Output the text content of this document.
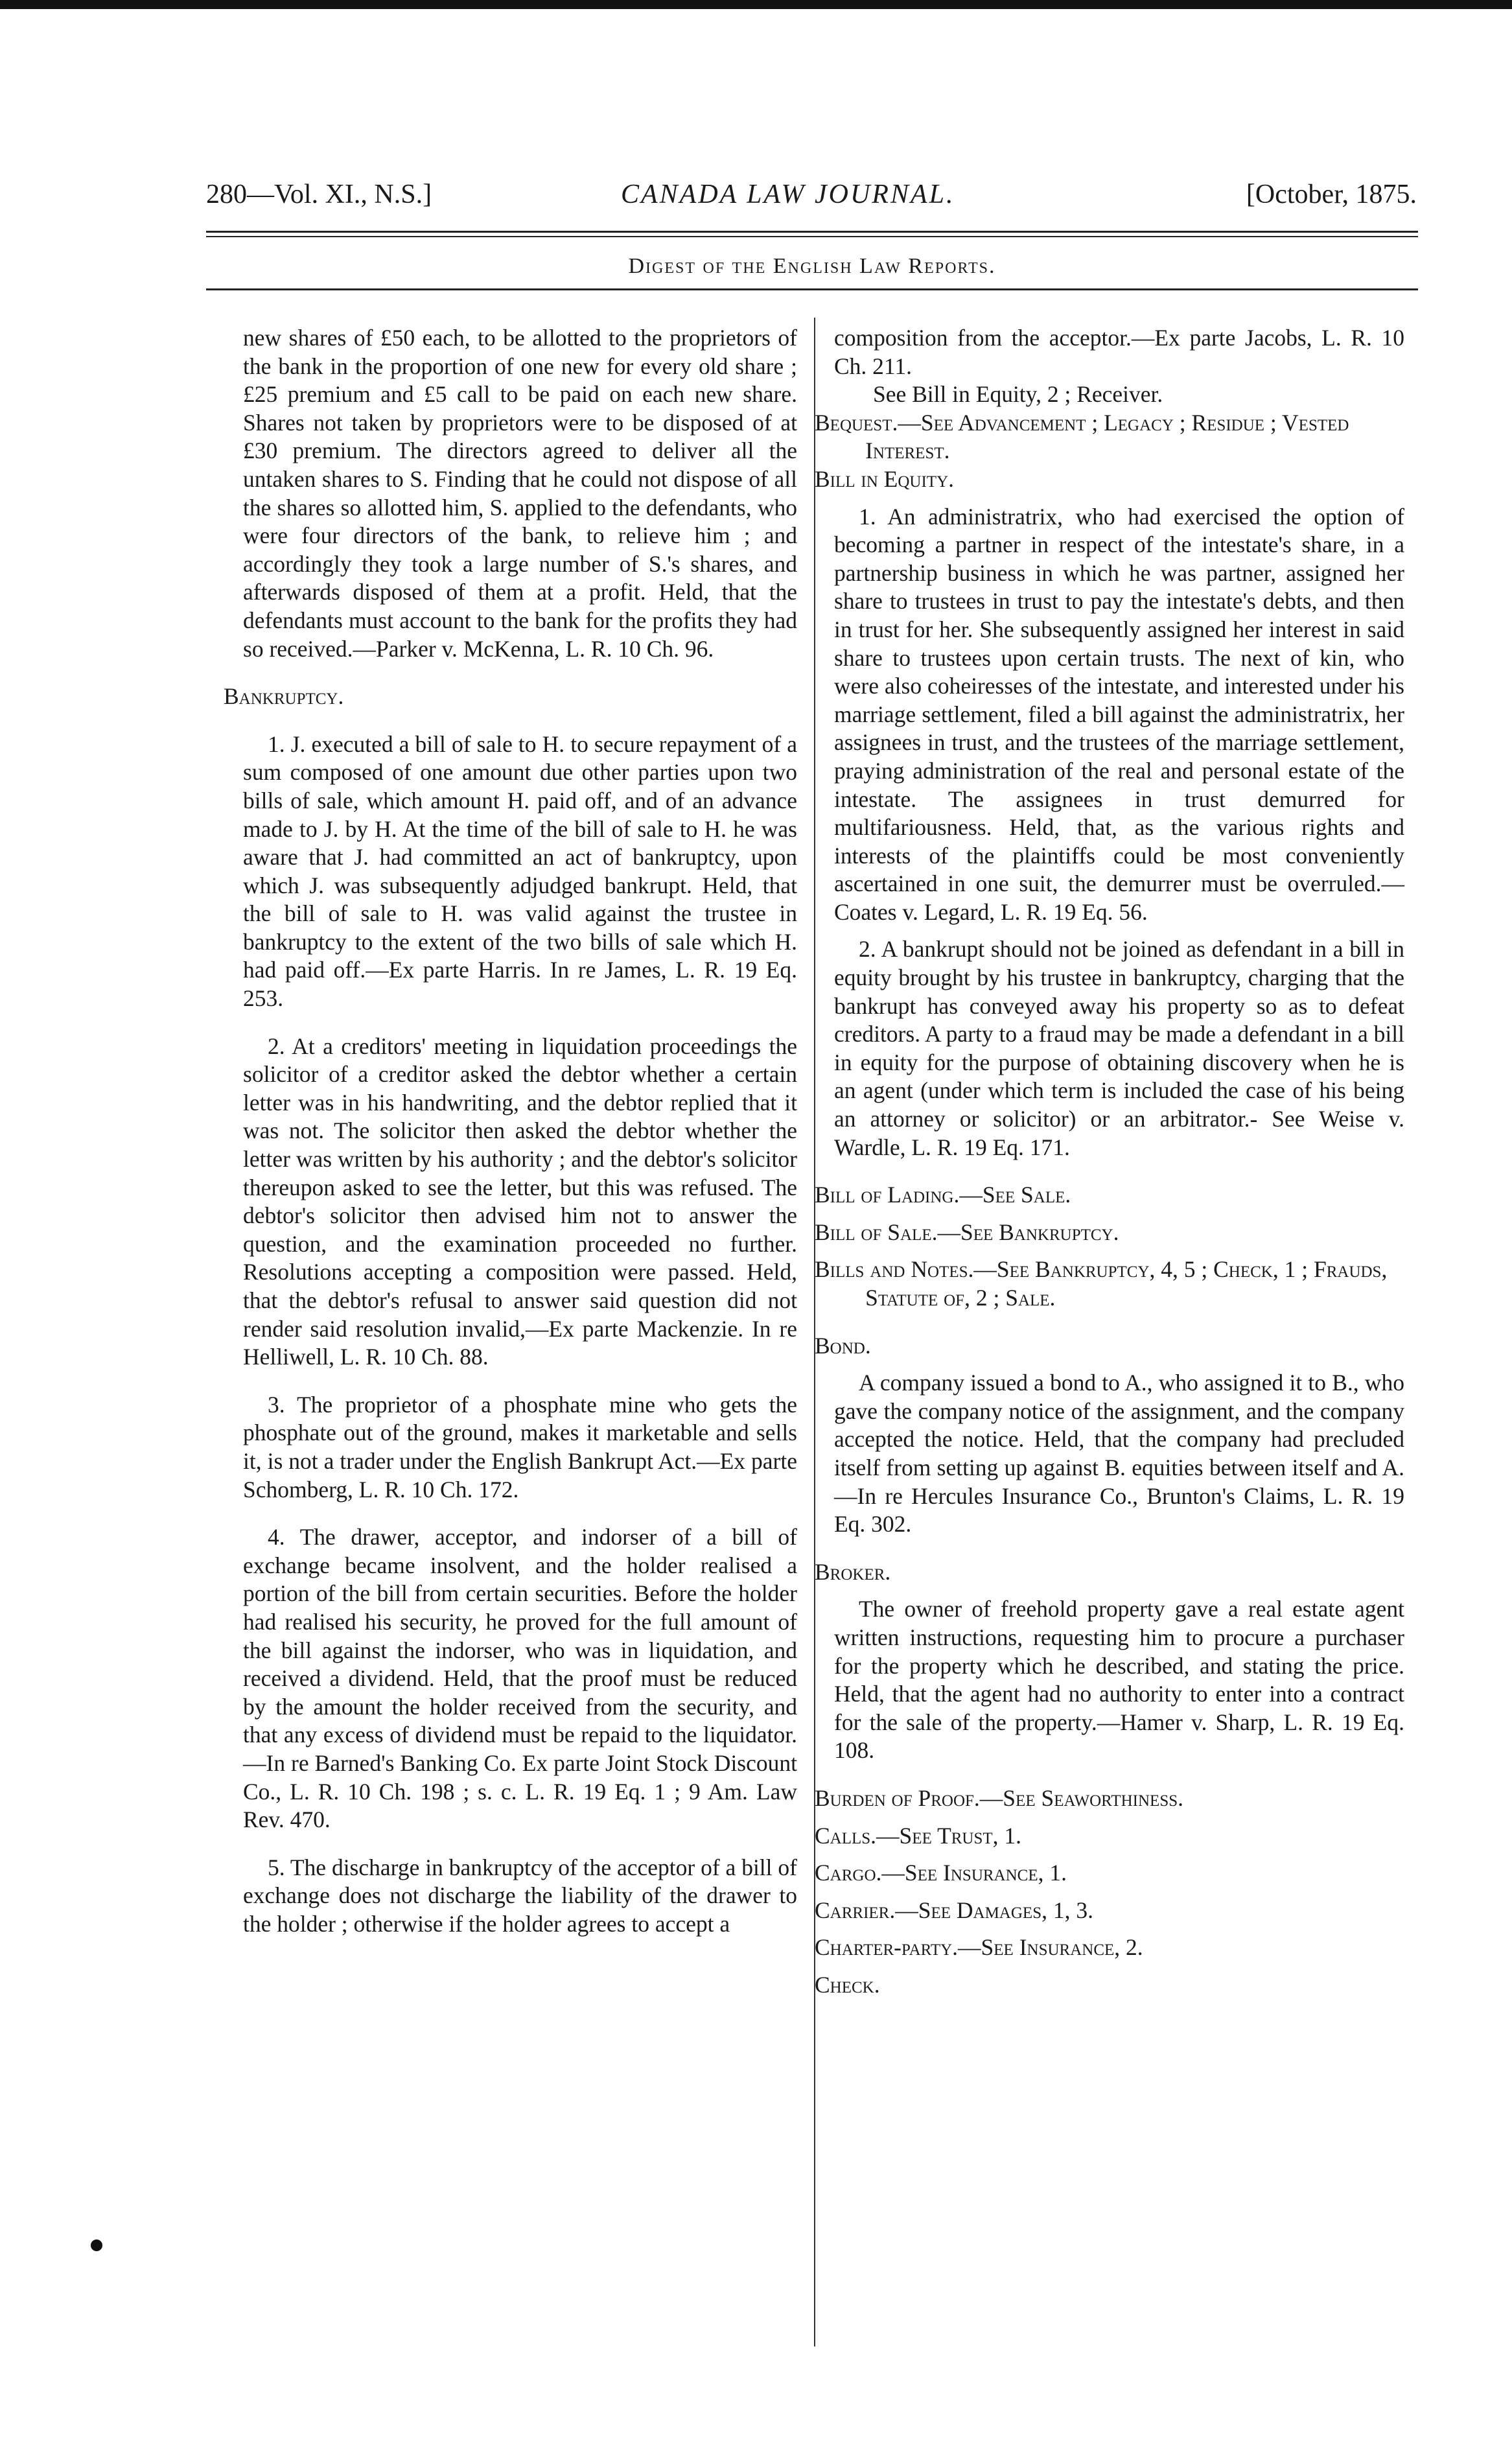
280—Vol. XI., N.S.]	CANADA LAW JOURNAL.	[October, 1875.
Digest of the English Law Reports.

new shares of £50 each, to be allotted to the proprietors of the bank in the proportion of one new for every old share ; £25 premium and £5 call to be paid on each new share. Shares not taken by proprietors were to be disposed of at £30 premium. The directors agreed to deliver all the untaken shares to S. Finding that he could not dispose of all the shares so allotted him, S. applied to the defendants, who were four directors of the bank, to relieve him ; and accordingly they took a large number of S.'s shares, and afterwards disposed of them at a profit. Held, that the defendants must account to the bank for the profits they had so received.—Parker v. McKenna, L. R. 10 Ch. 96.

Bankruptcy.

1. J. executed a bill of sale to H. to secure repayment of a sum composed of one amount due other parties upon two bills of sale, which amount H. paid off, and of an advance made to J. by H. At the time of the bill of sale to H. he was aware that J. had committed an act of bankruptcy, upon which J. was subsequently adjudged bankrupt. Held, that the bill of sale to H. was valid against the trustee in bankruptcy to the extent of the two bills of sale which H. had paid off.—Ex parte Harris. In re James, L. R. 19 Eq. 253.

2. At a creditors' meeting in liquidation proceedings the solicitor of a creditor asked the debtor whether a certain letter was in his handwriting, and the debtor replied that it was not. The solicitor then asked the debtor whether the letter was written by his authority ; and the debtor's solicitor thereupon asked to see the letter, but this was refused. The debtor's solicitor then advised him not to answer the question, and the examination proceeded no further. Resolutions accepting a composition were passed. Held, that the debtor's refusal to answer said question did not render said resolution invalid,—Ex parte Mackenzie. In re Helliwell, L. R. 10 Ch. 88.

3. The proprietor of a phosphate mine who gets the phosphate out of the ground, makes it marketable and sells it, is not a trader under the English Bankrupt Act.—Ex parte Schomberg, L. R. 10 Ch. 172.

4. The drawer, acceptor, and indorser of a bill of exchange became insolvent, and the holder realised a portion of the bill from certain securities. Before the holder had realised his security, he proved for the full amount of the bill against the indorser, who was in liquidation, and received a dividend. Held, that the proof must be reduced by the amount the holder received from the security, and that any excess of dividend must be repaid to the liquidator.—In re Barned's Banking Co. Ex parte Joint Stock Discount Co., L. R. 10 Ch. 198 ; s. c. L. R. 19 Eq. 1 ; 9 Am. Law Rev. 470.

5. The discharge in bankruptcy of the acceptor of a bill of exchange does not discharge the liability of the drawer to the holder ; otherwise if the holder agrees to accept a

composition from the acceptor.—Ex parte Jacobs, L. R. 10 Ch. 211.

See Bill in Equity, 2 ; Receiver.

Bequest.—See Advancement ; Legacy ; Residue ; Vested Interest.

Bill in Equity.

1. An administratrix, who had exercised the option of becoming a partner in respect of the intestate's share, in a partnership business in which he was partner, assigned her share to trustees in trust to pay the intestate's debts, and then in trust for her. She subsequently assigned her interest in said share to trustees upon certain trusts. The next of kin, who were also coheiresses of the intestate, and interested under his marriage settlement, filed a bill against the administratrix, her assignees in trust, and the trustees of the marriage settlement, praying administration of the real and personal estate of the intestate. The assignees in trust demurred for multifariousness. Held, that, as the various rights and interests of the plaintiffs could be most conveniently ascertained in one suit, the demurrer must be overruled.—Coates v. Legard, L. R. 19 Eq. 56.

2. A bankrupt should not be joined as defendant in a bill in equity brought by his trustee in bankruptcy, charging that the bankrupt has conveyed away his property so as to defeat creditors. A party to a fraud may be made a defendant in a bill in equity for the purpose of obtaining discovery when he is an agent (under which term is included the case of his being an attorney or solicitor) or an arbitrator.- See Weise v. Wardle, L. R. 19 Eq. 171.

Bill of Lading.—See Sale.

Bill of Sale.—See Bankruptcy.

Bills and Notes.—See Bankruptcy, 4, 5 ; Check, 1 ; Frauds, Statute of, 2 ; Sale.

Bond.

A company issued a bond to A., who assigned it to B., who gave the company notice of the assignment, and the company accepted the notice. Held, that the company had precluded itself from setting up against B. equities between itself and A.—In re Hercules Insurance Co., Brunton's Claims, L. R. 19 Eq. 302.

Broker.

The owner of freehold property gave a real estate agent written instructions, requesting him to procure a purchaser for the property which he described, and stating the price. Held, that the agent had no authority to enter into a contract for the sale of the property.—Hamer v. Sharp, L. R. 19 Eq. 108.

Burden of Proof.—See Seaworthiness.

Calls.—See Trust, 1.

Cargo.—See Insurance, 1.

Carrier.—See Damages, 1, 3.

Charter-party.—See Insurance, 2.

Check.
